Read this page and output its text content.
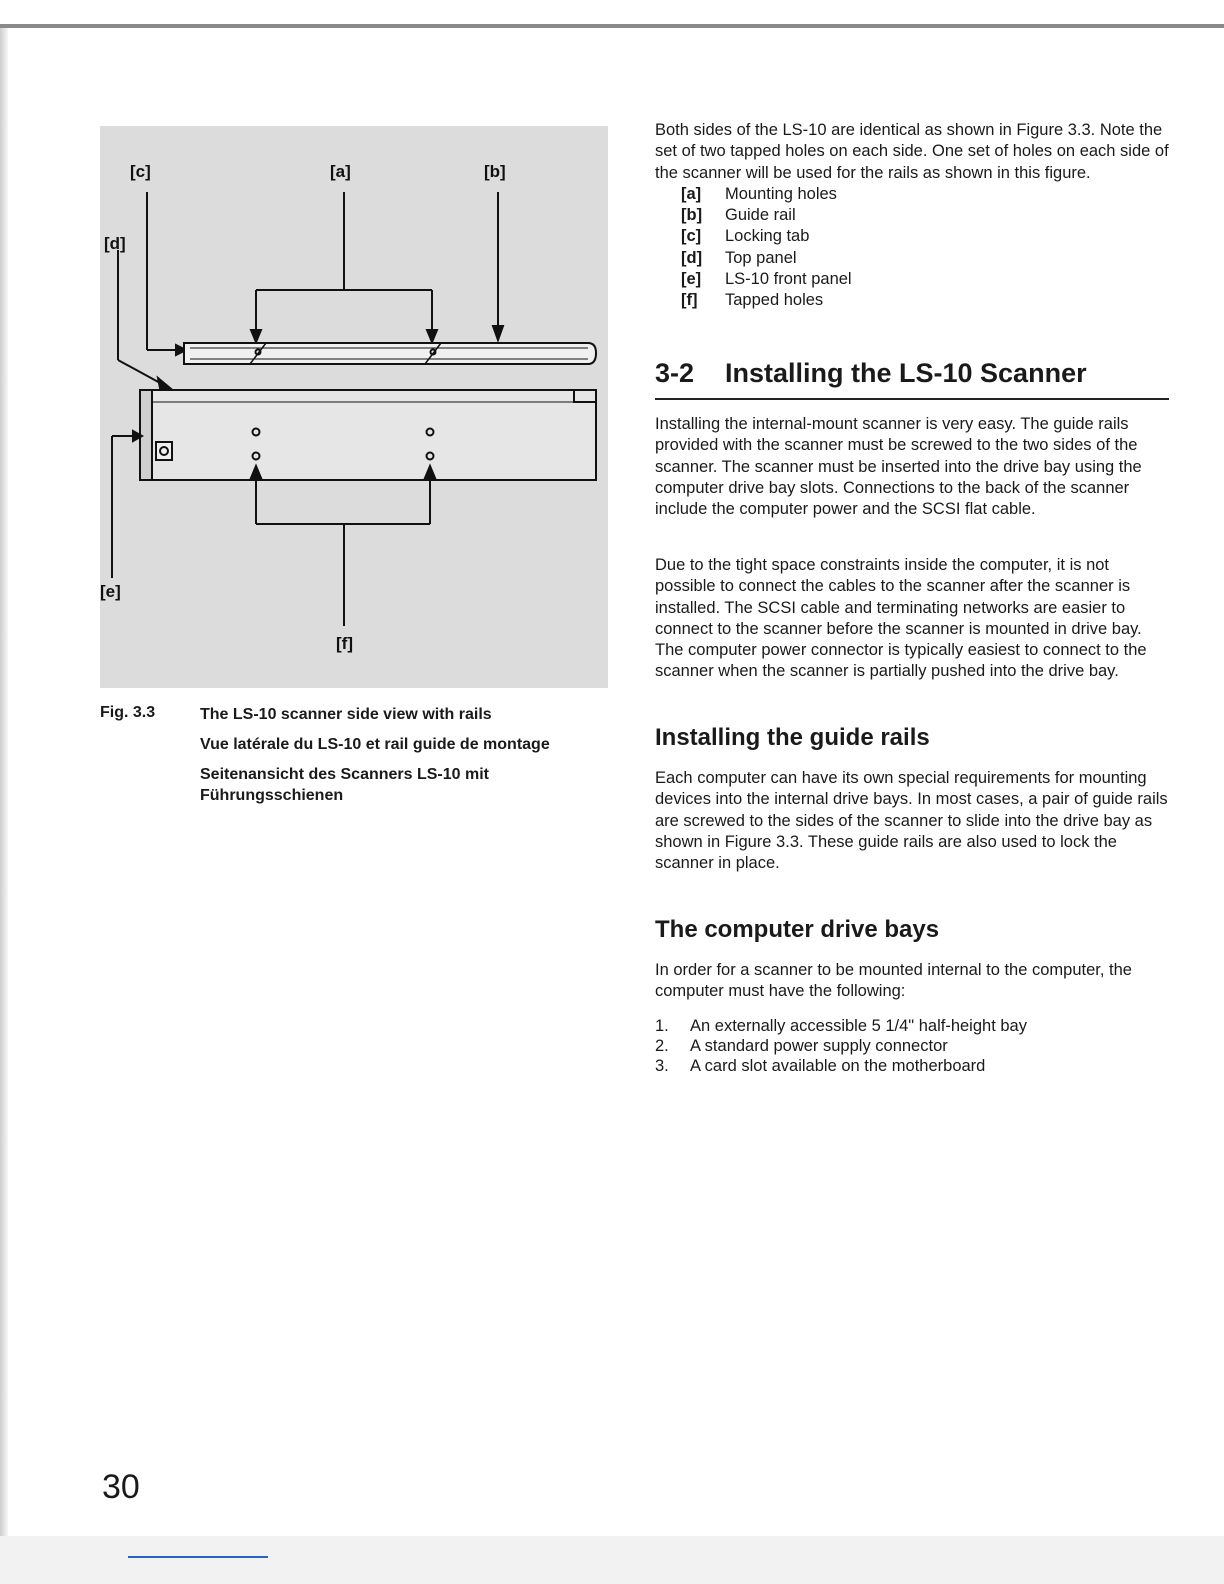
[c]	[a]	[b]
[d]
[e]
[f]
Fig. 3.3	The LS-10 scanner side view with rails
Vue latérale du LS-10 et rail guide de montage
Seitenansicht des Scanners LS-10 mit
Führungsschienen

Both sides of the LS-10 are identical as shown in Figure 3.3. Note the set of two tapped holes on each side. One set of holes on each side of the scanner will be used for the rails as shown in this figure.

[a]	Mounting holes
[b]	Guide rail
[c]	Locking tab
[d]	Top panel
[e]	LS-10 front panel
[f]	Tapped holes
3-2 Installing the LS-10 Scanner
Installing the internal-mount scanner is very easy. The guide rails provided with the scanner must be screwed to the two sides of the scanner. The scanner must be inserted into the drive bay using the computer drive bay slots. Connections to the back of the scanner include the computer power and the SCSI flat cable.
Due to the tight space constraints inside the computer, it is not possible to connect the cables to the scanner after the scanner is installed. The SCSI cable and terminating networks are easier to connect to the scanner before the scanner is mounted in drive bay. The computer power connector is typically easiest to connect to the scanner when the scanner is partially pushed into the drive bay.
Installing the guide rails
Each computer can have its own special requirements for mounting devices into the internal drive bays. In most cases, a pair of guide rails are screwed to the sides of the scanner to slide into the drive bay as shown in Figure 3.3. These guide rails are also used to lock the scanner in place.
The computer drive bays
In order for a scanner to be mounted internal to the computer, the computer must have the following:
1.	An externally accessible 5 1/4" half-height bay
2.	A standard power supply connector
3.	A card slot available on the motherboard
30
